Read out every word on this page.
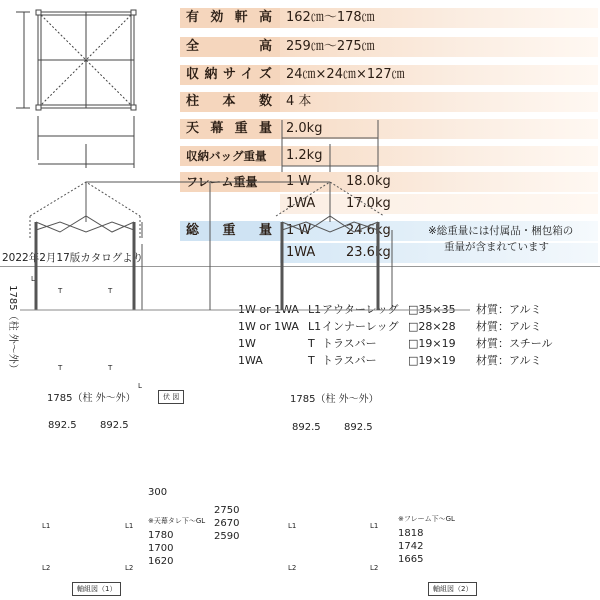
有効軒高	162㎝〜178㎝
全高	259㎝〜275㎝
収納サイズ	24㎝×24㎝×127㎝
柱本数	4 本
天幕重量	2.0kg
収納バッグ重量	1.2kg
フレーム重量	1 W	18.0kg
1WA 17.0kg
総重量	1 W	24.6kg
1WA 23.6kg
※総重量には付属品・梱包箱の
重量が含まれています
2022年2月17版カタログより
1W or 1WA L1アウターレッグ □35×35 材質：アルミ
1W or 1WA L1インナーレッグ □28×28 材質：アルミ
1W	T トラスバー	□19×19 材質：スチール
1WA	T トラスバー	□19×19 材質：アルミ
T	T
T	T
L
L
伏 図
1785（柱 外〜外）
892.5 892.5
1785（柱 外〜外）
300
※天幕タレ下〜GL
1780
1700
1620
L1	L1
L2	L2
軸組図（1）
2750
2670
2590
1785（柱 外〜外）
892.5 892.5
※フレーム下〜GL
1818
1742
1665
L1	L1
L2	L2
軸組図（2）
